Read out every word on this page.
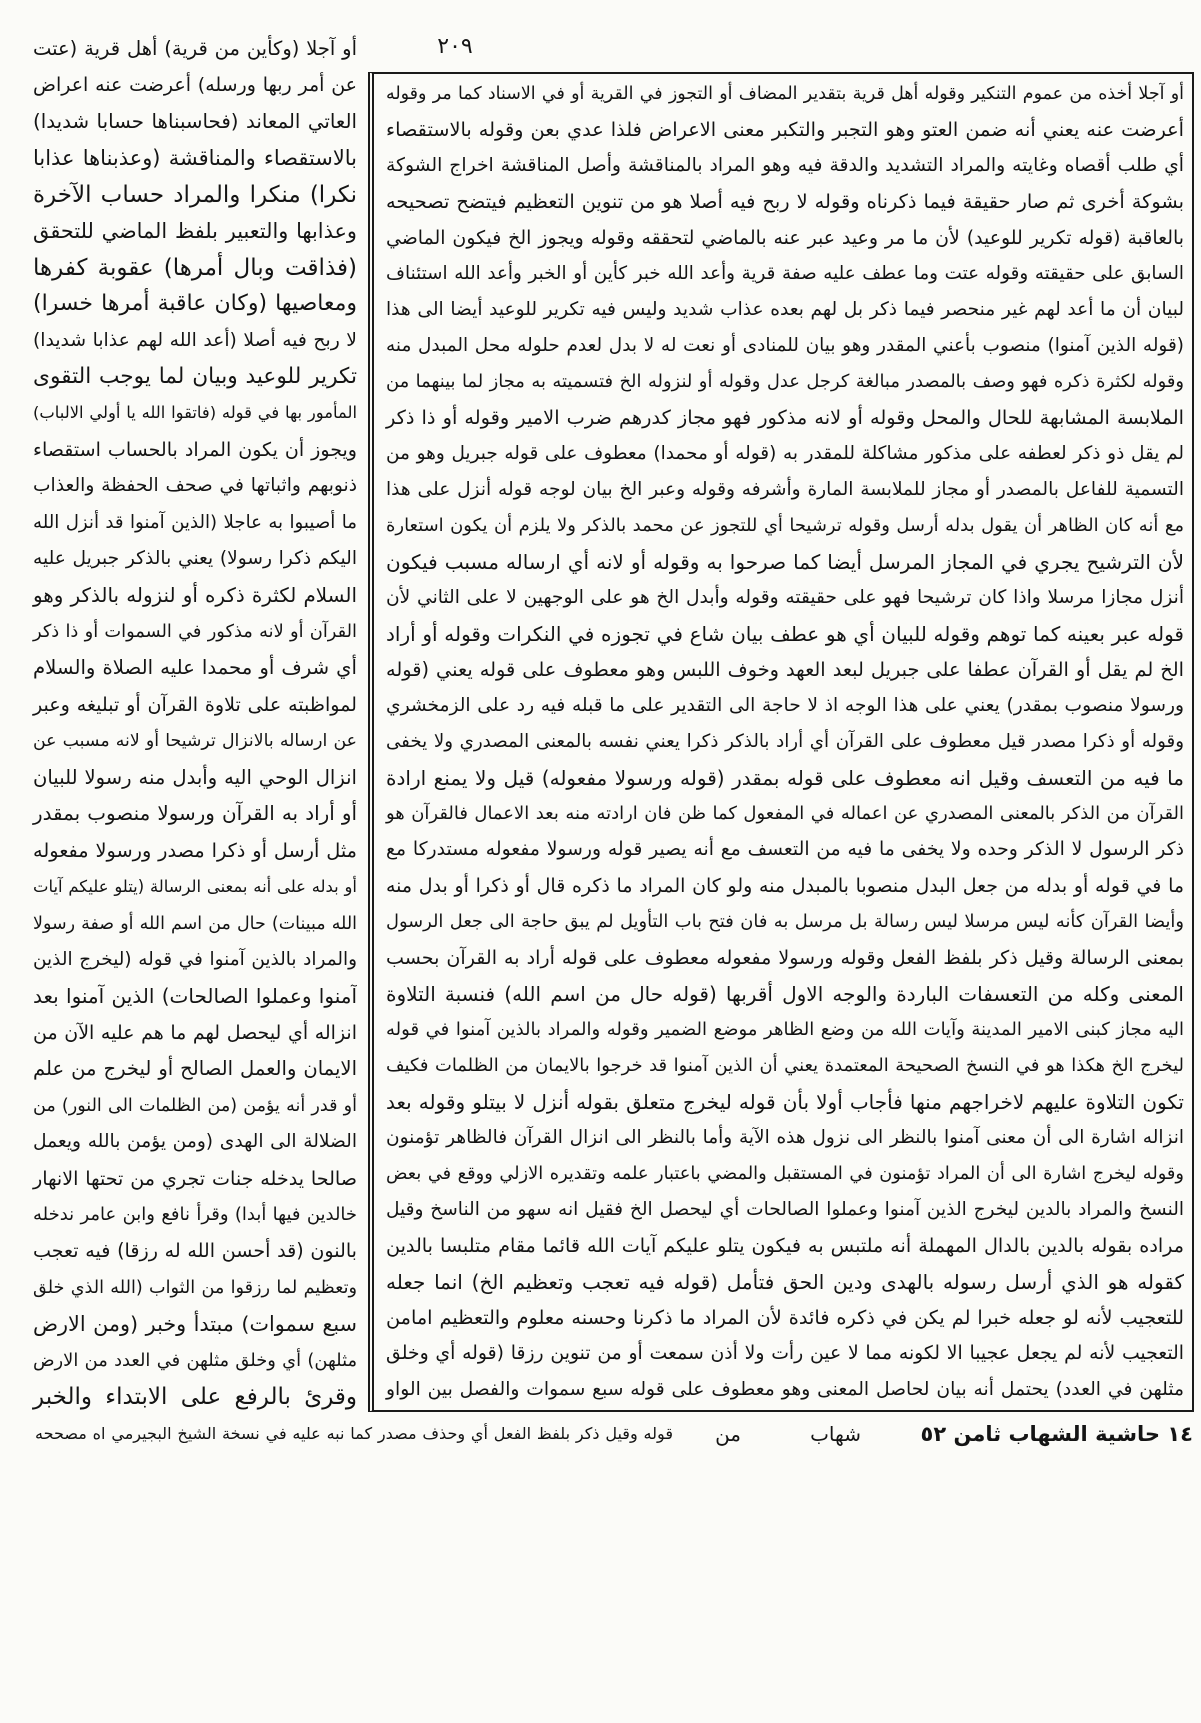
٢٠٩
أو آجلا (وكأين من قرية) أهل قرية (عتت
عن أمر ربها ورسله) أعرضت عنه اعراض
العاتي المعاند (فحاسبناها حسابا شديدا)
بالاستقصاء والمناقشة (وعذبناها عذابا
نكرا) منكرا والمراد حساب الآخرة
وعذابها والتعبير بلفظ الماضي للتحقق
(فذاقت وبال أمرها) عقوبة كفرها
ومعاصيها (وكان عاقبة أمرها خسرا)
لا ربح فيه أصلا (أعد الله لهم عذابا شديدا)
تكرير للوعيد وبيان لما يوجب التقوى
المأمور بها في قوله (فاتقوا الله يا أولي الالباب)
ويجوز أن يكون المراد بالحساب استقصاء
ذنوبهم واثباتها في صحف الحفظة والعذاب
ما أصيبوا به عاجلا (الذين آمنوا قد أنزل الله
اليكم ذكرا رسولا) يعني بالذكر جبريل عليه
السلام لكثرة ذكره أو لنزوله بالذكر وهو
القرآن أو لانه مذكور في السموات أو ذا ذكر
أي شرف أو محمدا عليه الصلاة والسلام
لمواظبته على تلاوة القرآن أو تبليغه وعبر
عن ارساله بالانزال ترشيحا أو لانه مسبب عن
انزال الوحي اليه وأبدل منه رسولا للبيان
أو أراد به القرآن ورسولا منصوب بمقدر
مثل أرسل أو ذكرا مصدر ورسولا مفعوله
أو بدله على أنه بمعنى الرسالة (يتلو عليكم آيات
الله مبينات) حال من اسم الله أو صفة رسولا
والمراد بالذين آمنوا في قوله (ليخرج الذين
آمنوا وعملوا الصالحات) الذين آمنوا بعد
انزاله أي ليحصل لهم ما هم عليه الآن من
الايمان والعمل الصالح أو ليخرج من علم
أو قدر أنه يؤمن (من الظلمات الى النور) من
الضلالة الى الهدى (ومن يؤمن بالله ويعمل
صالحا يدخله جنات تجري من تحتها الانهار
خالدين فيها أبدا) وقرأ نافع وابن عامر ندخله
بالنون (قد أحسن الله له رزقا) فيه تعجب
وتعظيم لما رزقوا من الثواب (الله الذي خلق
سبع سموات) مبتدأ وخبر (ومن الارض
مثلهن) أي وخلق مثلهن في العدد من الارض
وقرئ بالرفع على الابتداء والخبر
أو آجلا أخذه من عموم التنكير وقوله أهل قرية بتقدير المضاف أو التجوز في القرية أو في الاسناد كما مر وقوله
أعرضت عنه يعني أنه ضمن العتو وهو التجبر والتكبر معنى الاعراض فلذا عدي بعن وقوله بالاستقصاء
أي طلب أقصاه وغايته والمراد التشديد والدقة فيه وهو المراد بالمناقشة وأصل المناقشة اخراج الشوكة
بشوكة أخرى ثم صار حقيقة فيما ذكرناه وقوله لا ربح فيه أصلا هو من تنوين التعظيم فيتضح تصحيحه
بالعاقبة (قوله تكرير للوعيد) لأن ما مر وعيد عبر عنه بالماضي لتحققه وقوله ويجوز الخ فيكون الماضي
السابق على حقيقته وقوله عتت وما عطف عليه صفة قرية وأعد الله خبر كأين أو الخبر وأعد الله استئناف
لبيان أن ما أعد لهم غير منحصر فيما ذكر بل لهم بعده عذاب شديد وليس فيه تكرير للوعيد أيضا الى هذا
(قوله الذين آمنوا) منصوب بأعني المقدر وهو بيان للمنادى أو نعت له لا بدل لعدم حلوله محل المبدل منه
وقوله لكثرة ذكره فهو وصف بالمصدر مبالغة كرجل عدل وقوله أو لنزوله الخ فتسميته به مجاز لما بينهما من
الملابسة المشابهة للحال والمحل وقوله أو لانه مذكور فهو مجاز كدرهم ضرب الامير وقوله أو ذا ذكر
لم يقل ذو ذكر لعطفه على مذكور مشاكلة للمقدر به (قوله أو محمدا) معطوف على قوله جبريل وهو من
التسمية للفاعل بالمصدر أو مجاز للملابسة المارة وأشرفه وقوله وعبر الخ بيان لوجه قوله أنزل على هذا
مع أنه كان الظاهر أن يقول بدله أرسل وقوله ترشيحا أي للتجوز عن محمد بالذكر ولا يلزم أن يكون استعارة
لأن الترشيح يجري في المجاز المرسل أيضا كما صرحوا به وقوله أو لانه أي ارساله مسبب فيكون
أنزل مجازا مرسلا واذا كان ترشيحا فهو على حقيقته وقوله وأبدل الخ هو على الوجهين لا على الثاني لأن
قوله عبر بعينه كما توهم وقوله للبيان أي هو عطف بيان شاع في تجوزه في النكرات وقوله أو أراد
الخ لم يقل أو القرآن عطفا على جبريل لبعد العهد وخوف اللبس وهو معطوف على قوله يعني (قوله
ورسولا منصوب بمقدر) يعني على هذا الوجه اذ لا حاجة الى التقدير على ما قبله فيه رد على الزمخشري
وقوله أو ذكرا مصدر قيل معطوف على القرآن أي أراد بالذكر ذكرا يعني نفسه بالمعنى المصدري ولا يخفى
ما فيه من التعسف وقيل انه معطوف على قوله بمقدر (قوله ورسولا مفعوله) قيل ولا يمنع ارادة
القرآن من الذكر بالمعنى المصدري عن اعماله في المفعول كما ظن فان ارادته منه بعد الاعمال فالقرآن هو
ذكر الرسول لا الذكر وحده ولا يخفى ما فيه من التعسف مع أنه يصير قوله ورسولا مفعوله مستدركا مع
ما في قوله أو بدله من جعل البدل منصوبا بالمبدل منه ولو كان المراد ما ذكره قال أو ذكرا أو بدل منه
وأيضا القرآن كأنه ليس مرسلا ليس رسالة بل مرسل به فان فتح باب التأويل لم يبق حاجة الى جعل الرسول
بمعنى الرسالة وقيل ذكر بلفظ الفعل وقوله ورسولا مفعوله معطوف على قوله أراد به القرآن بحسب
المعنى وكله من التعسفات الباردة والوجه الاول أقربها (قوله حال من اسم الله) فنسبة التلاوة
اليه مجاز كبنى الامير المدينة وآيات الله من وضع الظاهر موضع الضمير وقوله والمراد بالذين آمنوا في قوله
ليخرج الخ هكذا هو في النسخ الصحيحة المعتمدة يعني أن الذين آمنوا قد خرجوا بالايمان من الظلمات فكيف
تكون التلاوة عليهم لاخراجهم منها فأجاب أولا بأن قوله ليخرج متعلق بقوله أنزل لا بيتلو وقوله بعد
انزاله اشارة الى أن معنى آمنوا بالنظر الى نزول هذه الآية وأما بالنظر الى انزال القرآن فالظاهر تؤمنون
وقوله ليخرج اشارة الى أن المراد تؤمنون في المستقبل والمضي باعتبار علمه وتقديره الازلي ووقع في بعض
النسخ والمراد بالدين ليخرج الذين آمنوا وعملوا الصالحات أي ليحصل الخ فقيل انه سهو من الناسخ وقيل
مراده بقوله بالدين بالدال المهملة أنه ملتبس به فيكون يتلو عليكم آيات الله قائما مقام متلبسا بالدين
كقوله هو الذي أرسل رسوله بالهدى ودين الحق فتأمل (قوله فيه تعجب وتعظيم الخ) انما جعله
للتعجيب لأنه لو جعله خبرا لم يكن في ذكره فائدة لأن المراد ما ذكرنا وحسنه معلوم والتعظيم امامن
التعجيب لأنه لم يجعل عجيبا الا لكونه مما لا عين رأت ولا أذن سمعت أو من تنوين رزقا (قوله أي وخلق
مثلهن في العدد) يحتمل أنه بيان لحاصل المعنى وهو معطوف على قوله سبع سموات والفصل بين الواو
١٤ حاشية الشهاب ثامن ٥٢
شهاب
من
قوله وقيل ذكر بلفظ الفعل أي وحذف مصدر كما نبه عليه في نسخة الشيخ البجيرمي اه مصححه
